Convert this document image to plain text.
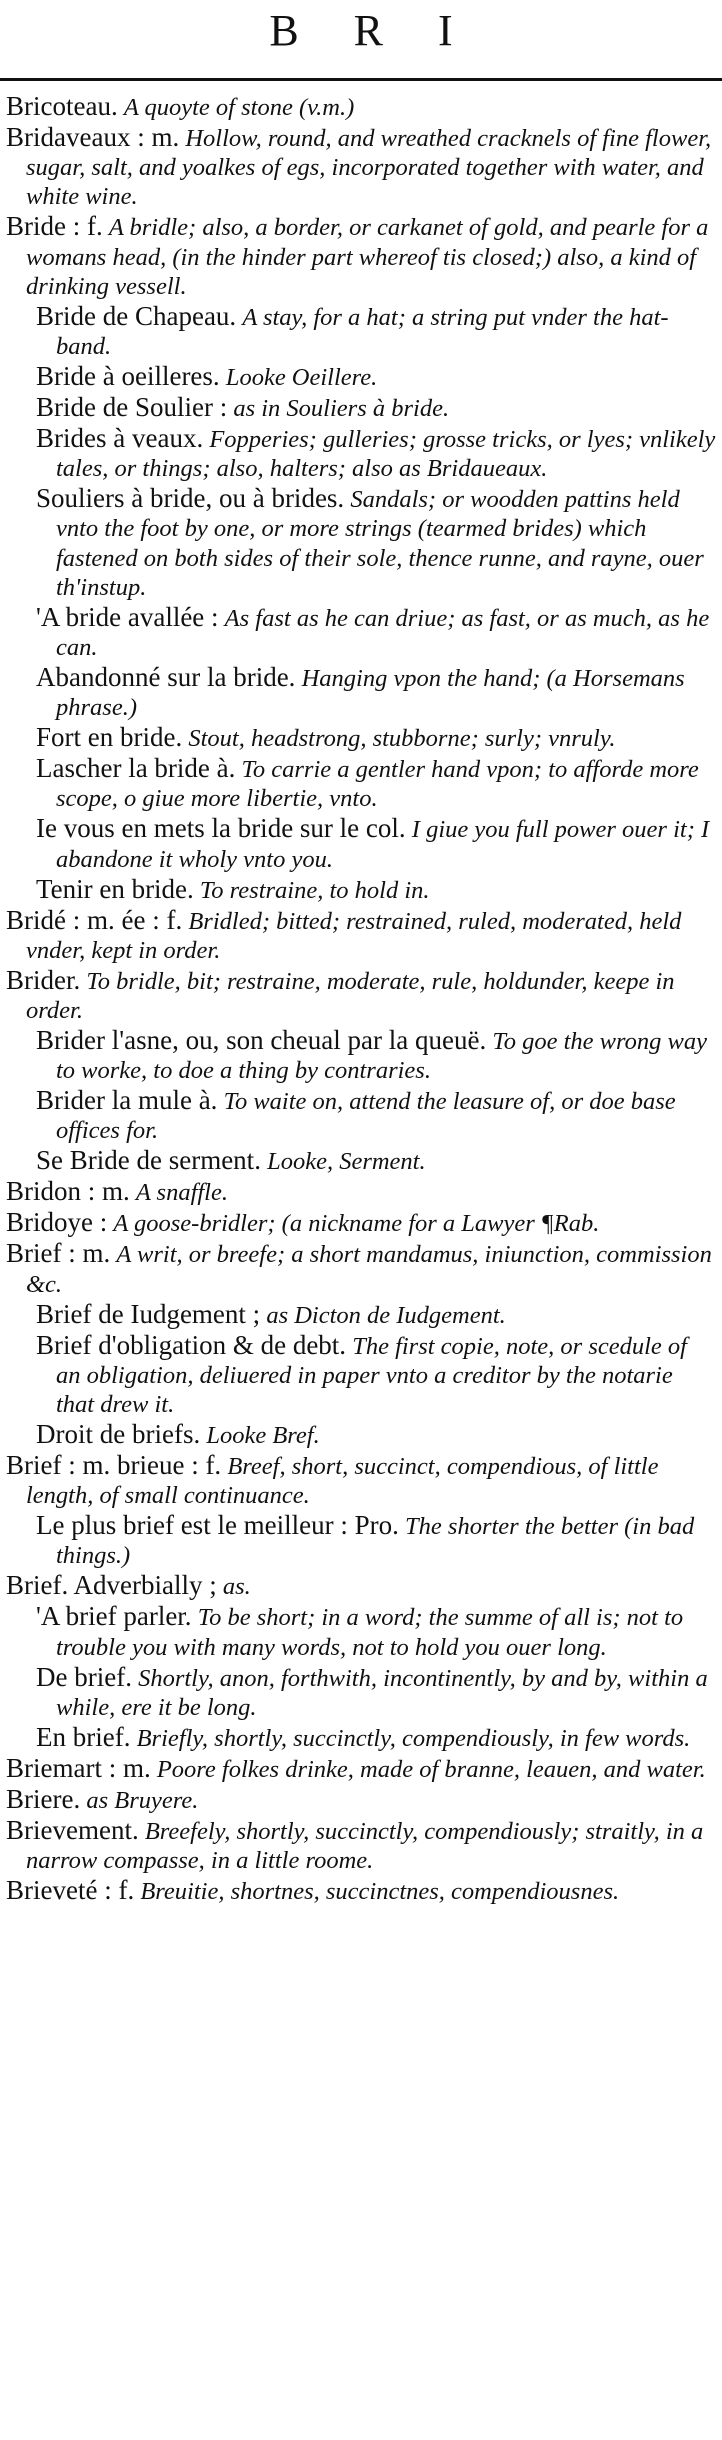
B R I

Bricoteau. A quoyte of stone (v.m.)

Bridaveaux : m. Hollow, round, and wreathed cracknels of fine flower, sugar, salt, and yoalkes of egs, incorporated together with water, and white wine.

Bride : f. A bridle; also, a border, or carkanet of gold, and pearle for a womans head, (in the hinder part whereof tis closed;) also, a kind of drinking vessell.

Bride de Chapeau. A stay, for a hat; a string put vnder the hat-band.

Bride à oeilleres. Looke Oeillere.

Bride de Soulier : as in Souliers à bride.

Brides à veaux. Fopperies; gulleries; grosse tricks, or lyes; vnlikely tales, or things; also, halters; also as Bridaueaux.

Souliers à bride, ou à brides. Sandals; or woodden pattins held vnto the foot by one, or more strings (tearmed brides) which fastened on both sides of their sole, thence runne, and rayne, ouer th'instup.

'A bride avallée : As fast as he can driue; as fast, or as much, as he can.

Abandonné sur la bride. Hanging vpon the hand; (a Horsemans phrase.)

Fort en bride. Stout, headstrong, stubborne; surly; vnruly.

Lascher la bride à. To carrie a gentler hand vpon; to afforde more scope, o giue more libertie, vnto.

Ie vous en mets la bride sur le col. I giue you full power ouer it; I abandone it wholy vnto you.

Tenir en bride. To restraine, to hold in.

Bridé : m. ée : f. Bridled; bitted; restrained, ruled, moderated, held vnder, kept in order.

Brider. To bridle, bit; restraine, moderate, rule, holdunder, keepe in order.

Brider l'asne, ou, son cheual par la queuë. To goe the wrong way to worke, to doe a thing by contraries.

Brider la mule à. To waite on, attend the leasure of, or doe base offices for.

Se Bride de serment. Looke, Serment.

Bridon : m. A snaffle.

Bridoye : A goose-bridler; (a nickname for a Lawyer ¶Rab.

Brief : m. A writ, or breefe; a short mandamus, iniunction, commission &c.

Brief de Iudgement ; as Dicton de Iudgement.

Brief d'obligation & de debt. The first copie, note, or scedule of an obligation, deliuered in paper vnto a creditor by the notarie that drew it.

Droit de briefs. Looke Bref.

Brief : m. brieue : f. Breef, short, succinct, compendious, of little length, of small continuance.

Le plus brief est le meilleur : Pro. The shorter the better (in bad things.)

Brief. Adverbially ; as.

'A brief parler. To be short; in a word; the summe of all is; not to trouble you with many words, not to hold you ouer long.

De brief. Shortly, anon, forthwith, incontinently, by and by, within a while, ere it be long.

En brief. Briefly, shortly, succinctly, compendiously, in few words.

Briemart : m. Poore folkes drinke, made of branne, leauen, and water.

Briere. as Bruyere.

Brievement. Breefely, shortly, succinctly, compendiously; straitly, in a narrow compasse, in a little roome.

Brieveté : f. Breuitie, shortnes, succinctnes, compendiousnes.
